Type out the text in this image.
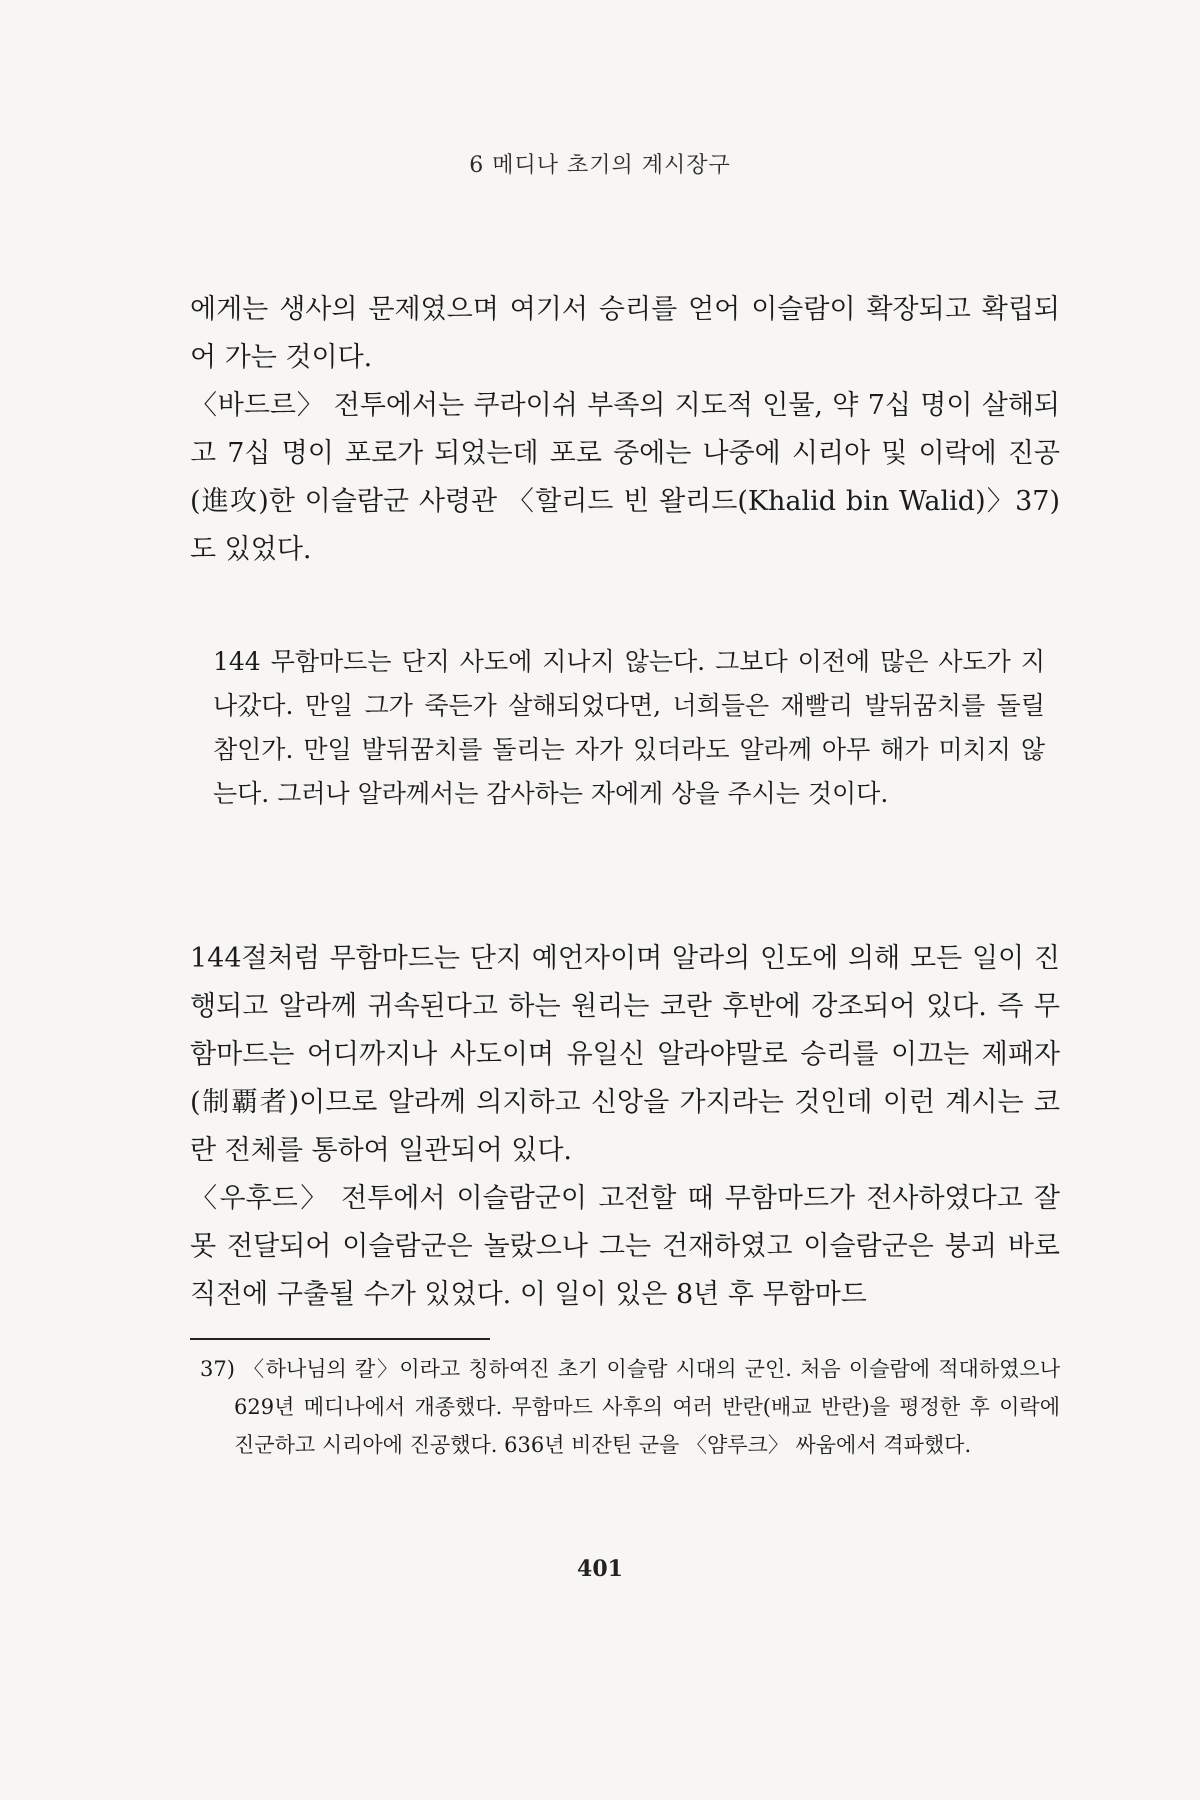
6 메디나 초기의 계시장구

에게는 생사의 문제였으며 여기서 승리를 얻어 이슬람이 확장되고 확립되어 가는 것이다.

〈바드르〉 전투에서는 쿠라이쉬 부족의 지도적 인물, 약 7십 명이 살해되고 7십 명이 포로가 되었는데 포로 중에는 나중에 시리아 및 이락에 진공(進攻)한 이슬람군 사령관 〈할리드 빈 왈리드(Khalid bin Walid)〉37)도 있었다.

144 무함마드는 단지 사도에 지나지 않는다. 그보다 이전에 많은 사도가 지나갔다. 만일 그가 죽든가 살해되었다면, 너희들은 재빨리 발뒤꿈치를 돌릴 참인가. 만일 발뒤꿈치를 돌리는 자가 있더라도 알라께 아무 해가 미치지 않는다. 그러나 알라께서는 감사하는 자에게 상을 주시는 것이다.

144절처럼 무함마드는 단지 예언자이며 알라의 인도에 의해 모든 일이 진행되고 알라께 귀속된다고 하는 원리는 코란 후반에 강조되어 있다. 즉 무함마드는 어디까지나 사도이며 유일신 알라야말로 승리를 이끄는 제패자(制覇者)이므로 알라께 의지하고 신앙을 가지라는 것인데 이런 계시는 코란 전체를 통하여 일관되어 있다.

〈우후드〉 전투에서 이슬람군이 고전할 때 무함마드가 전사하였다고 잘못 전달되어 이슬람군은 놀랐으나 그는 건재하였고 이슬람군은 붕괴 바로 직전에 구출될 수가 있었다. 이 일이 있은 8년 후 무함마드

37) 〈하나님의 칼〉이라고 칭하여진 초기 이슬람 시대의 군인. 처음 이슬람에 적대하였으나 629년 메디나에서 개종했다. 무함마드 사후의 여러 반란(배교 반란)을 평정한 후 이락에 진군하고 시리아에 진공했다. 636년 비잔틴 군을 〈얌루크〉 싸움에서 격파했다.

401
